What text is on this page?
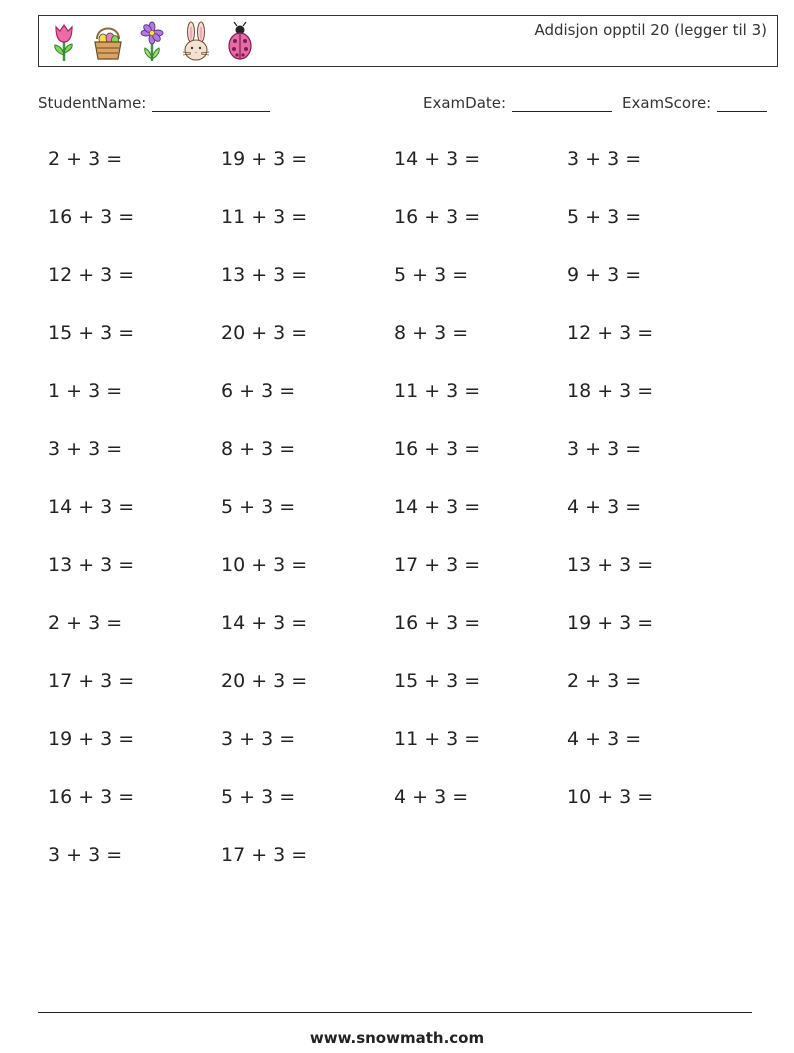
Addisjon opptil 20 (legger til 3)
StudentName:	ExamDate:	ExamScore:
2 + 3 =	19 + 3 =	14 + 3 =	3 + 3 =
16 + 3 =	11 + 3 =	16 + 3 =	5 + 3 =
12 + 3 =	13 + 3 =	5 + 3 =	9 + 3 =
15 + 3 =	20 + 3 =	8 + 3 =	12 + 3 =
1 + 3 =	6 + 3 =	11 + 3 =	18 + 3 =
3 + 3 =	8 + 3 =	16 + 3 =	3 + 3 =
14 + 3 =	5 + 3 =	14 + 3 =	4 + 3 =
13 + 3 =	10 + 3 =	17 + 3 =	13 + 3 =
2 + 3 =	14 + 3 =	16 + 3 =	19 + 3 =
17 + 3 =	20 + 3 =	15 + 3 =	2 + 3 =
19 + 3 =	3 + 3 =	11 + 3 =	4 + 3 =
16 + 3 =	5 + 3 =	4 + 3 =	10 + 3 =
3 + 3 =	17 + 3 =
www.snowmath.com
